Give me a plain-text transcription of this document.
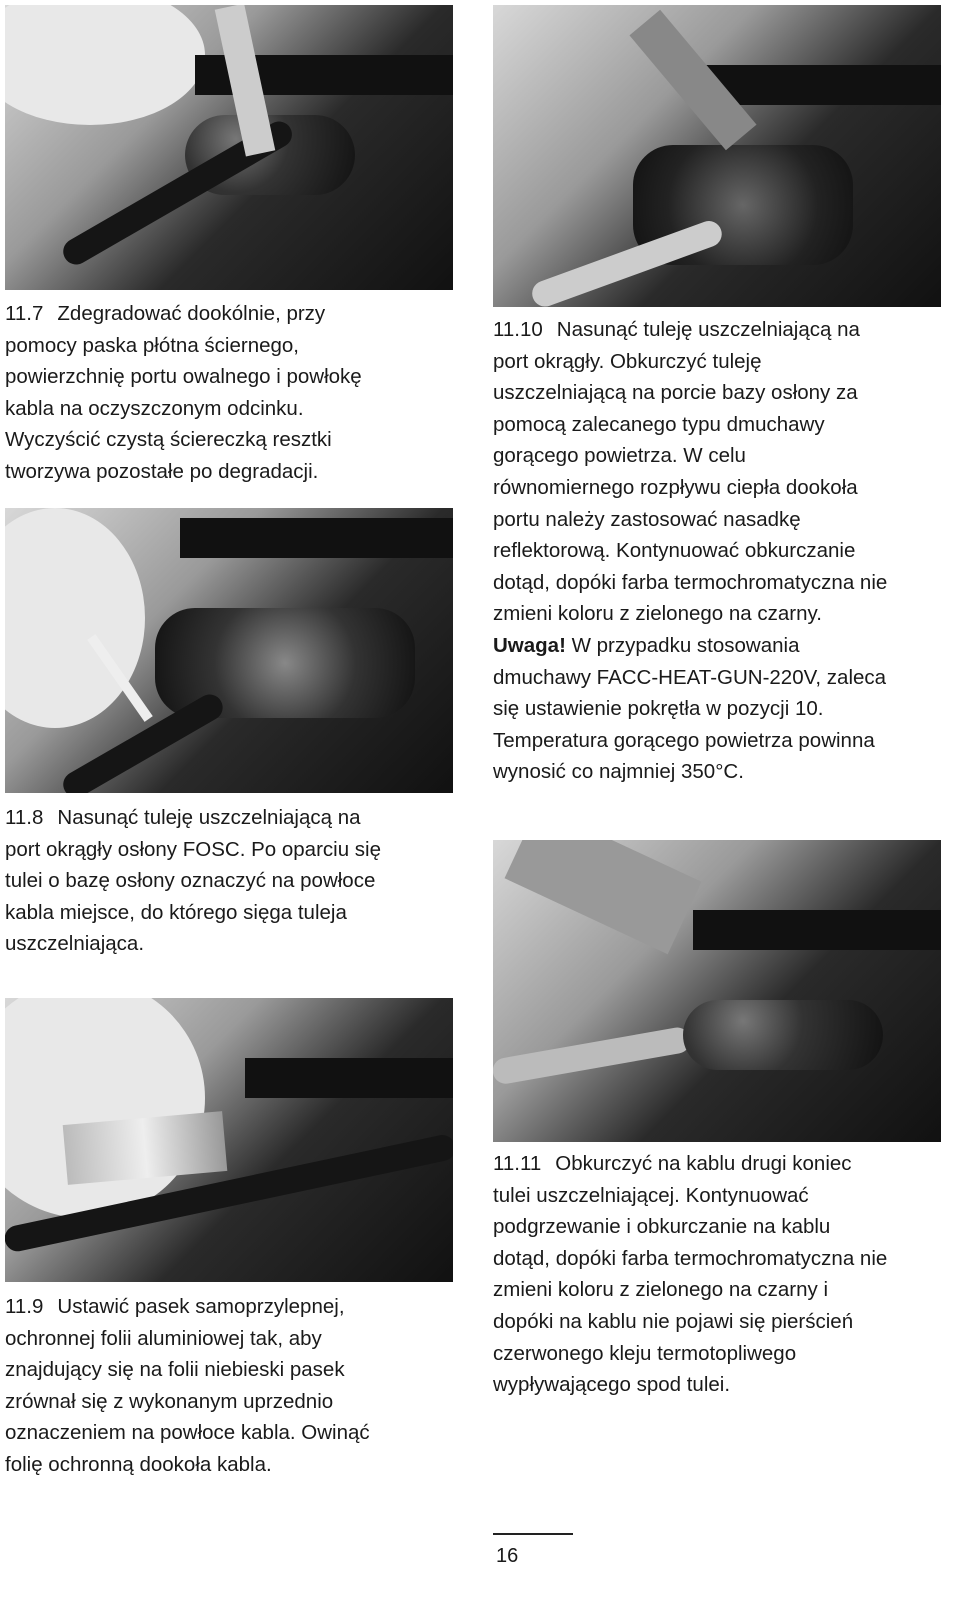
11.7 Zdegradować dookólnie, przy
pomocy paska płótna ściernego,
powierzchnię portu owalnego i powłokę
kabla na oczyszczonym odcinku.
Wyczyścić czystą ściereczką resztki
tworzywa pozostałe po degradacji.
11.8 Nasunąć tuleję uszczelniającą na
port okrągły osłony FOSC. Po oparciu się
tulei o bazę osłony oznaczyć na powłoce
kabla miejsce, do którego sięga tuleja
uszczelniająca.
11.9 Ustawić pasek samoprzylepnej,
ochronnej folii aluminiowej tak, aby
znajdujący się na folii niebieski pasek
zrównał się z wykonanym uprzednio
oznaczeniem na powłoce kabla. Owinąć
folię ochronną dookoła kabla.
11.10 Nasunąć tuleję uszczelniającą na
port okrągły. Obkurczyć tuleję
uszczelniającą na porcie bazy osłony za
pomocą zalecanego typu dmuchawy
gorącego powietrza. W celu
równomiernego rozpływu ciepła dookoła
portu należy zastosować nasadkę
reflektorową. Kontynuować obkurczanie
dotąd, dopóki farba termochromatyczna nie
zmieni koloru z zielonego na czarny.
Uwaga! W przypadku stosowania
dmuchawy FACC-HEAT-GUN-220V, zaleca
się ustawienie pokrętła w pozycji 10.
Temperatura gorącego powietrza powinna
wynosić co najmniej 350°C.
11.11 Obkurczyć na kablu drugi koniec
tulei uszczelniającej. Kontynuować
podgrzewanie i obkurczanie na kablu
dotąd, dopóki farba termochromatyczna nie
zmieni koloru z zielonego na czarny i
dopóki na kablu nie pojawi się pierścień
czerwonego kleju termotopliwego
wypływającego spod tulei.
16
